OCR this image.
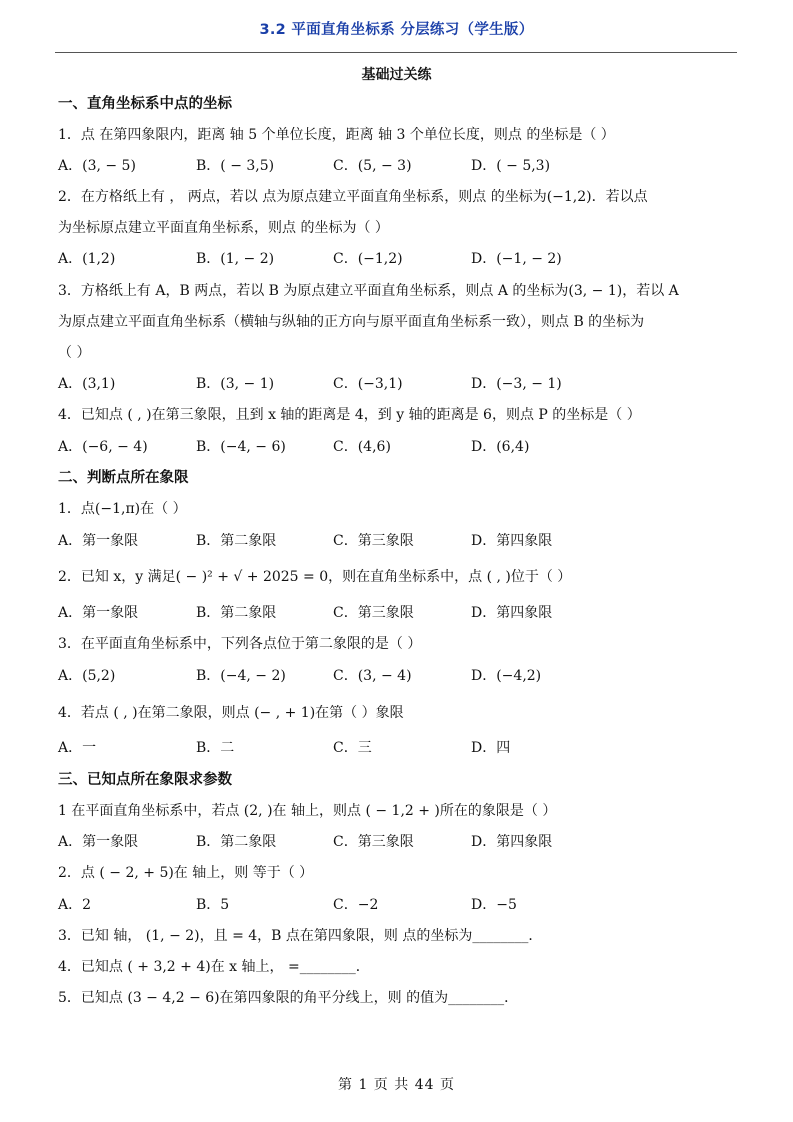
3.2 平面直角坐标系 分层练习（学生版）
基础过关练
一、直角坐标系中点的坐标
1．点 在第四象限内，距离 轴 5 个单位长度，距离 轴 3 个单位长度，则点 的坐标是（ ）
A．(3, − 5)	B．( − 3,5)	C．(5, − 3)	D．( − 5,3)
2．在方格纸上有 ， 两点，若以 点为原点建立平面直角坐标系，则点 的坐标为(−1,2)．若以点
为坐标原点建立平面直角坐标系，则点 的坐标为（ ）
A．(1,2)	B．(1, − 2)	C．(−1,2)	D．(−1, − 2)
3．方格纸上有 A，B 两点，若以 B 为原点建立平面直角坐标系，则点 A 的坐标为(3, − 1)，若以 A
为原点建立平面直角坐标系（横轴与纵轴的正方向与原平面直角坐标系一致），则点 B 的坐标为
（ ）
A．(3,1)	B．(3, − 1)	C．(−3,1)	D．(−3, − 1)
4．已知点 ( , )在第三象限，且到 x 轴的距离是 4，到 y 轴的距离是 6，则点 P 的坐标是（ ）
A．(−6, − 4)	B．(−4, − 6)	C．(4,6)	D．(6,4)
二、判断点所在象限
1．点(−1,π)在（ ）
A．第一象限	B．第二象限	C．第三象限	D．第四象限
2．已知 x，y 满足( − )² + √ + 2025 = 0，则在直角坐标系中，点 ( , )位于（ ）
A．第一象限	B．第二象限	C．第三象限	D．第四象限
3．在平面直角坐标系中，下列各点位于第二象限的是（ ）
A．(5,2)	B．(−4, − 2)	C．(3, − 4)	D．(−4,2)
4．若点 ( , )在第二象限，则点 (− , + 1)在第（ ）象限
A．一	B．二	C．三	D．四
三、已知点所在象限求参数
1 在平面直角坐标系中，若点 (2, )在 轴上，则点 ( − 1,2 + )所在的象限是（ ）
A．第一象限	B．第二象限	C．第三象限	D．第四象限
2．点 ( − 2, + 5)在 轴上，则 等于（ ）
A．2	B．5	C．−2	D．−5
3．已知 轴， (1, − 2)，且 = 4，B 点在第四象限，则 点的坐标为________．
4．已知点 ( + 3,2 + 4)在 x 轴上， =________．
5．已知点 (3 − 4,2 − 6)在第四象限的角平分线上，则 的值为________．
第 1 页 共 44 页
